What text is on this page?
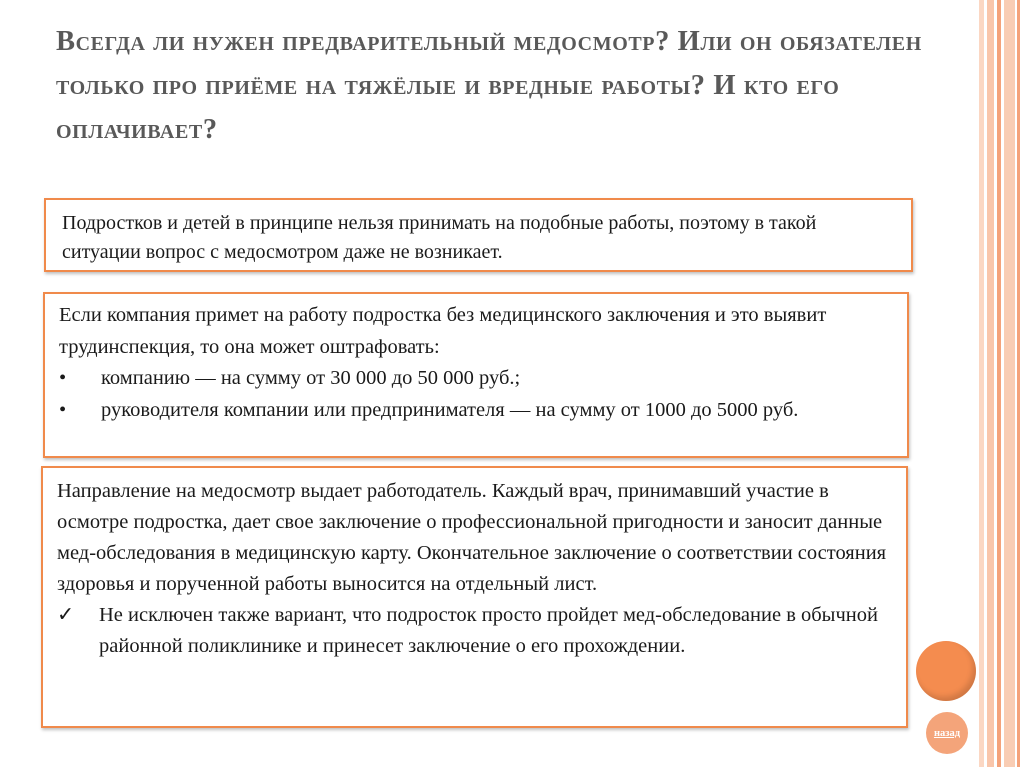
Всегда ли нужен предварительный медосмотр? Или он обязателен только про приёме на тяжёлые и вредные работы? И кто его оплачивает?
Подростков и детей в принципе нельзя принимать на подобные работы, поэтому в такой ситуации вопрос с медосмотром даже не возникает.
Если компания примет на работу подростка без медицинского заключения и это выявит трудинспекция, то она может оштрафовать:
•	компанию — на сумму от 30 000 до 50 000 руб.;
•	руководителя компании или предпринимателя — на сумму от 1000 до 5000 руб.
Направление на медосмотр выдает работодатель. Каждый врач, принимавший участие в осмотре подростка, дает свое заключение о профессиональной пригодности и заносит данные мед-обследования в медицинскую карту. Окончательное заключение о соответствии состояния здоровья и порученной работы выносится на отдельный лист.
✓	Не исключен также вариант, что подросток просто пройдет мед-обследование в обычной районной поликлинике и принесет заключение о его прохождении.
назад
